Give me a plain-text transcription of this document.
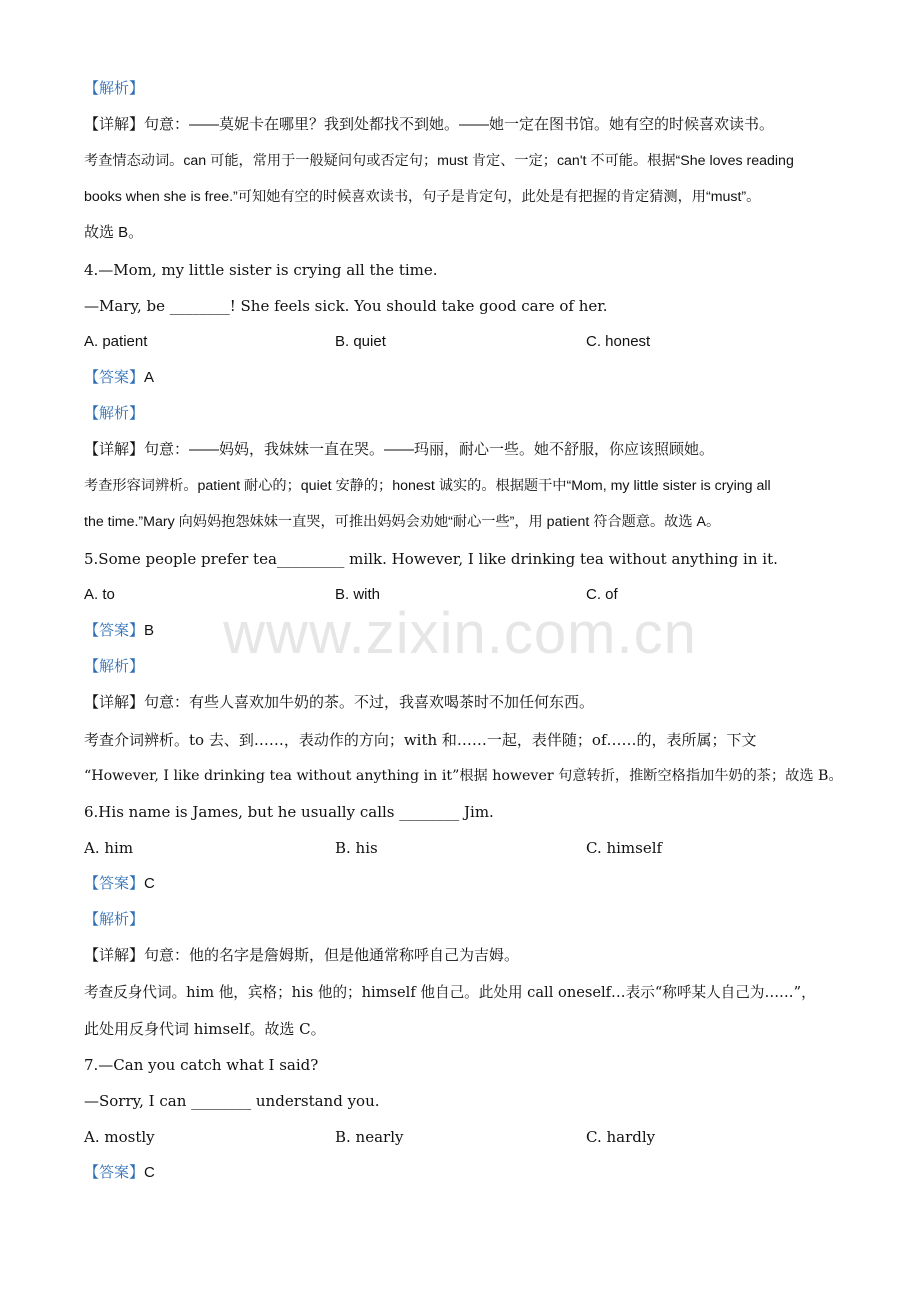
www.zixin.com.cn
【解析】
【详解】句意：——莫妮卡在哪里？我到处都找不到她。——她一定在图书馆。她有空的时候喜欢读书。
考查情态动词。can 可能，常用于一般疑问句或否定句；must 肯定、一定；can't 不可能。根据“She loves reading
books when she is free.”可知她有空的时候喜欢读书，句子是肯定句，此处是有把握的肯定猜测，用“must”。
故选 B。
4.—Mom, my little sister is crying all the time.
—Mary, be ________! She feels sick. You should take good care of her.
A. patient	B. quiet	C. honest
【答案】A
【解析】
【详解】句意：——妈妈，我妹妹一直在哭。——玛丽，耐心一些。她不舒服，你应该照顾她。
考查形容词辨析。patient 耐心的；quiet 安静的；honest 诚实的。根据题干中“Mom, my little sister is crying all
the time.”Mary 向妈妈抱怨妹妹一直哭，可推出妈妈会劝她“耐心一些”，用 patient 符合题意。故选 A。
5.Some people prefer tea_________ milk. However, I like drinking tea without anything in it.
A. to	B. with	C. of
【答案】B
【解析】
【详解】句意：有些人喜欢加牛奶的茶。不过，我喜欢喝茶时不加任何东西。
考查介词辨析。to 去、到……，表动作的方向；with 和……一起，表伴随；of……的，表所属；下文
“However, I like drinking tea without anything in it”根据 however 句意转折，推断空格指加牛奶的茶；故选 B。
6.His name is James, but he usually calls ________ Jim.
A. him	B. his	C. himself
【答案】C
【解析】
【详解】句意：他的名字是詹姆斯，但是他通常称呼自己为吉姆。
考查反身代词。him 他，宾格；his 他的；himself 他自己。此处用 call oneself…表示“称呼某人自己为……”，
此处用反身代词 himself。故选 C。
7.—Can you catch what I said?
—Sorry, I can ________ understand you.
A. mostly	B. nearly	C. hardly
【答案】C
